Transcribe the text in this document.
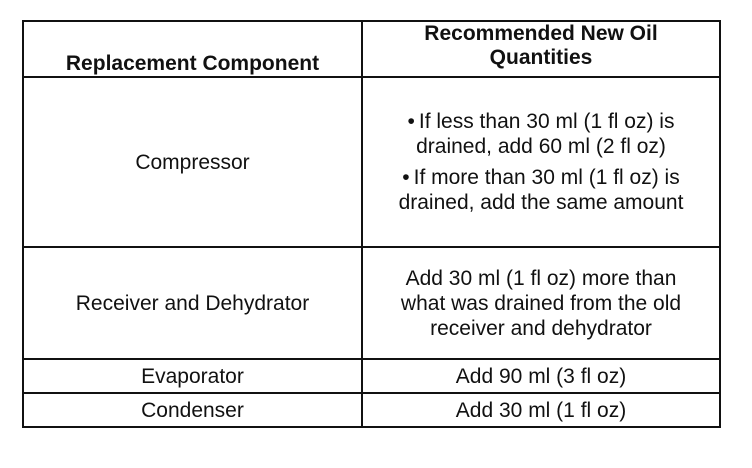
Replacement Component	Recommended New Oil Quantities
Compressor	• If less than 30 ml (1 fl oz) is drained, add 60 ml (2 fl oz)
• If more than 30 ml (1 fl oz) is drained, add the same amount

Receiver and Dehydrator	Add 30 ml (1 fl oz) more than what was drained from the old receiver and dehydrator
Evaporator	Add 90 ml (3 fl oz)
Condenser	Add 30 ml (1 fl oz)
